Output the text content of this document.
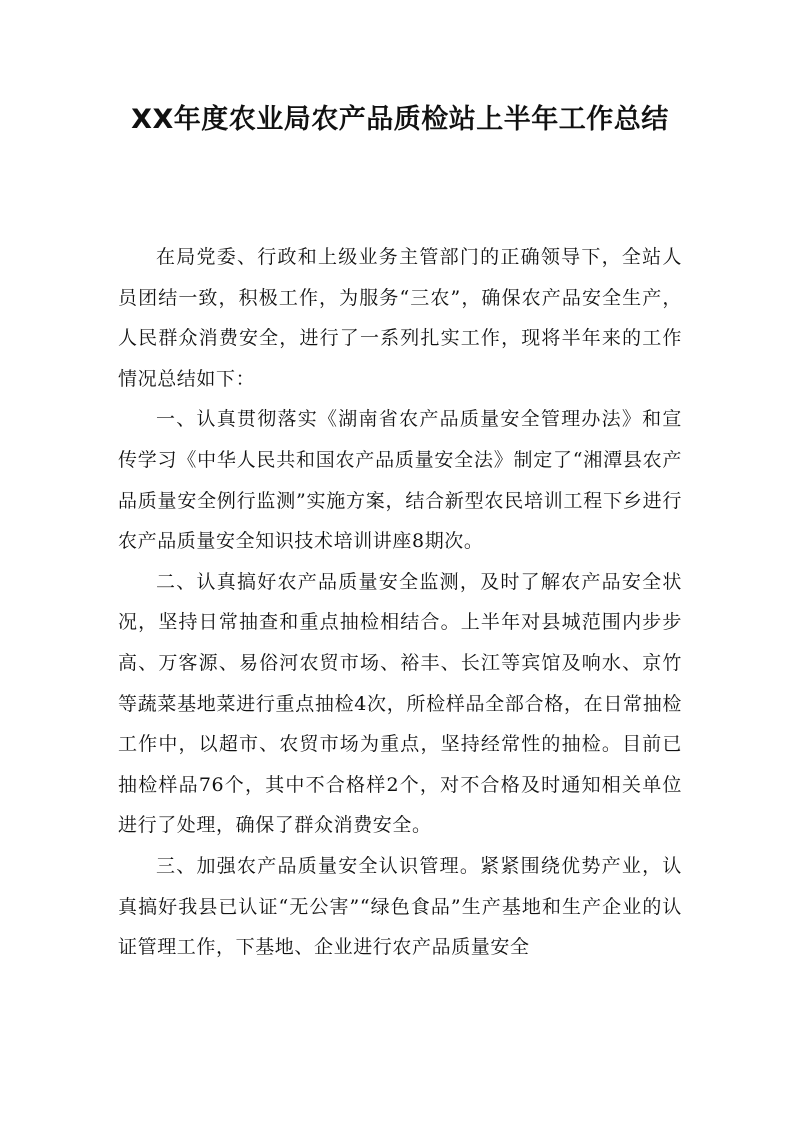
XX年度农业局农产品质检站上半年工作总结

在局党委、行政和上级业务主管部门的正确领导下，全站人员团结一致，积极工作，为服务“三农”，确保农产品安全生产，人民群众消费安全，进行了一系列扎实工作，现将半年来的工作情况总结如下：

一、认真贯彻落实《湖南省农产品质量安全管理办法》和宣传学习《中华人民共和国农产品质量安全法》制定了“湘潭县农产品质量安全例行监测”实施方案，结合新型农民培训工程下乡进行农产品质量安全知识技术培训讲座8期次。

二、认真搞好农产品质量安全监测，及时了解农产品安全状况，坚持日常抽查和重点抽检相结合。上半年对县城范围内步步高、万客源、易俗河农贸市场、裕丰、长江等宾馆及响水、京竹等蔬菜基地菜进行重点抽检4次，所检样品全部合格，在日常抽检工作中，以超市、农贸市场为重点，坚持经常性的抽检。目前已抽检样品76个，其中不合格样2个，对不合格及时通知相关单位进行了处理，确保了群众消费安全。

三、加强农产品质量安全认识管理。紧紧围绕优势产业，认真搞好我县已认证“无公害”“绿色食品”生产基地和生产企业的认证管理工作，下基地、企业进行农产品质量安全
